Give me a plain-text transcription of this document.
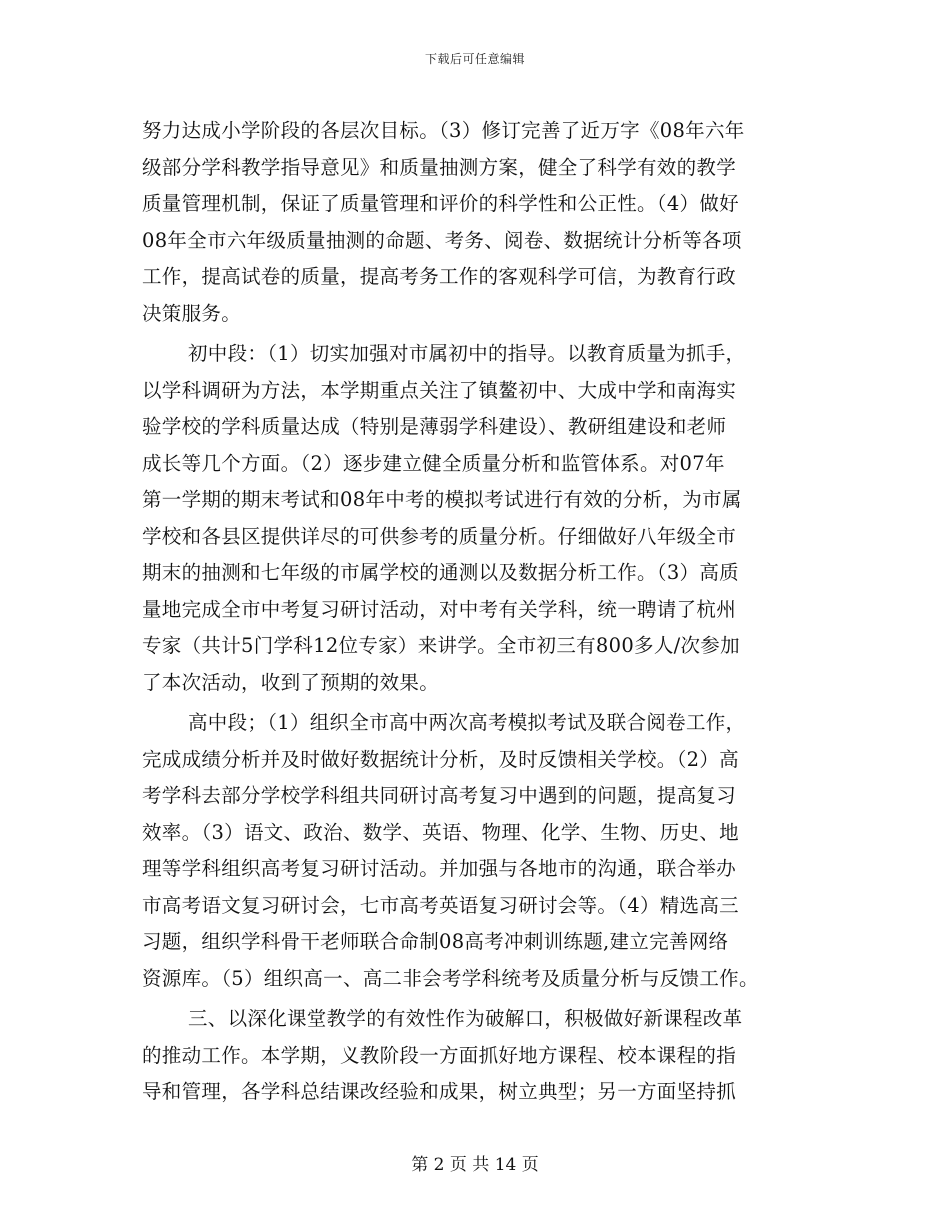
下载后可任意编辑
努力达成小学阶段的各层次目标。（3）修订完善了近万字《08年六年
级部分学科教学指导意见》和质量抽测方案，健全了科学有效的教学
质量管理机制，保证了质量管理和评价的科学性和公正性。（4）做好
08年全市六年级质量抽测的命题、考务、阅卷、数据统计分析等各项
工作，提高试卷的质量，提高考务工作的客观科学可信，为教育行政
决策服务。
初中段：（1）切实加强对市属初中的指导。以教育质量为抓手，
以学科调研为方法，本学期重点关注了镇鳌初中、大成中学和南海实
验学校的学科质量达成（特别是薄弱学科建设）、教研组建设和老师
成长等几个方面。（2）逐步建立健全质量分析和监管体系。对07年
第一学期的期末考试和08年中考的模拟考试进行有效的分析，为市属
学校和各县区提供详尽的可供参考的质量分析。仔细做好八年级全市
期末的抽测和七年级的市属学校的通测以及数据分析工作。（3）高质
量地完成全市中考复习研讨活动，对中考有关学科，统一聘请了杭州
专家（共计5门学科12位专家）来讲学。全市初三有800多人/次参加
了本次活动，收到了预期的效果。
高中段；（1）组织全市高中两次高考模拟考试及联合阅卷工作，
完成成绩分析并及时做好数据统计分析，及时反馈相关学校。（2）高
考学科去部分学校学科组共同研讨高考复习中遇到的问题，提高复习
效率。（3）语文、政治、数学、英语、物理、化学、生物、历史、地
理等学科组织高考复习研讨活动。并加强与各地市的沟通，联合举办
市高考语文复习研讨会，七市高考英语复习研讨会等。（4）精选高三
习题，组织学科骨干老师联合命制08高考冲刺训练题,建立完善网络
资源库。（5）组织高一、高二非会考学科统考及质量分析与反馈工作。
三、以深化课堂教学的有效性作为破解口，积极做好新课程改革
的推动工作。本学期，义教阶段一方面抓好地方课程、校本课程的指
导和管理，各学科总结课改经验和成果，树立典型；另一方面坚持抓
第 2 页 共 14 页
